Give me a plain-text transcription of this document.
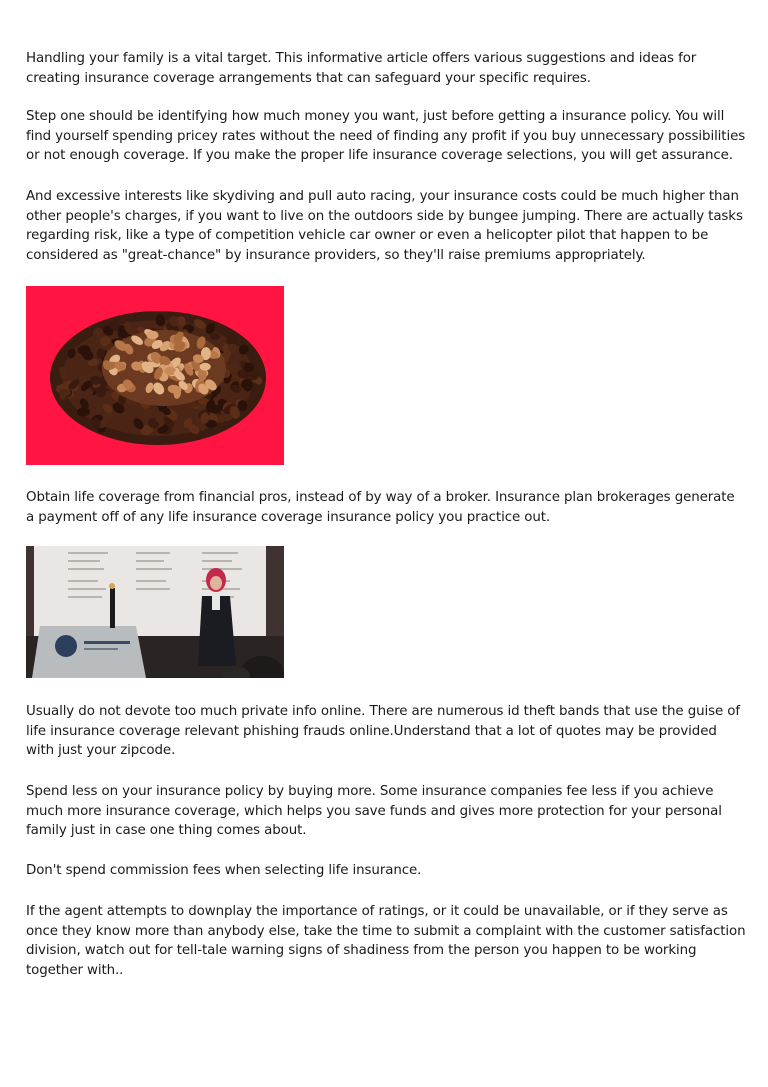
Handling your family is a vital target. This informative article offers various suggestions and ideas for creating insurance coverage arrangements that can safeguard your specific requires.

Step one should be identifying how much money you want, just before getting a insurance policy. You will find yourself spending pricey rates without the need of finding any profit if you buy unnecessary possibilities or not enough coverage. If you make the proper life insurance coverage selections, you will get assurance.

And excessive interests like skydiving and pull auto racing, your insurance costs could be much higher than other people's charges, if you want to live on the outdoors side by bungee jumping. There are actually tasks regarding risk, like a type of competition vehicle car owner or even a helicopter pilot that happen to be considered as "great-chance" by insurance providers, so they'll raise premiums appropriately.

Obtain life coverage from financial pros, instead of by way of a broker. Insurance plan brokerages generate a payment off of any life insurance coverage insurance policy you practice out.

Usually do not devote too much private info online. There are numerous id theft bands that use the guise of life insurance coverage relevant phishing frauds online.Understand that a lot of quotes may be provided with just your zipcode.

Spend less on your insurance policy by buying more. Some insurance companies fee less if you achieve much more insurance coverage, which helps you save funds and gives more protection for your personal family just in case one thing comes about.

Don't spend commission fees when selecting life insurance.

If the agent attempts to downplay the importance of ratings, or it could be unavailable, or if they serve as once they know more than anybody else, take the time to submit a complaint with the customer satisfaction division, watch out for tell-tale warning signs of shadiness from the person you happen to be working together with..
